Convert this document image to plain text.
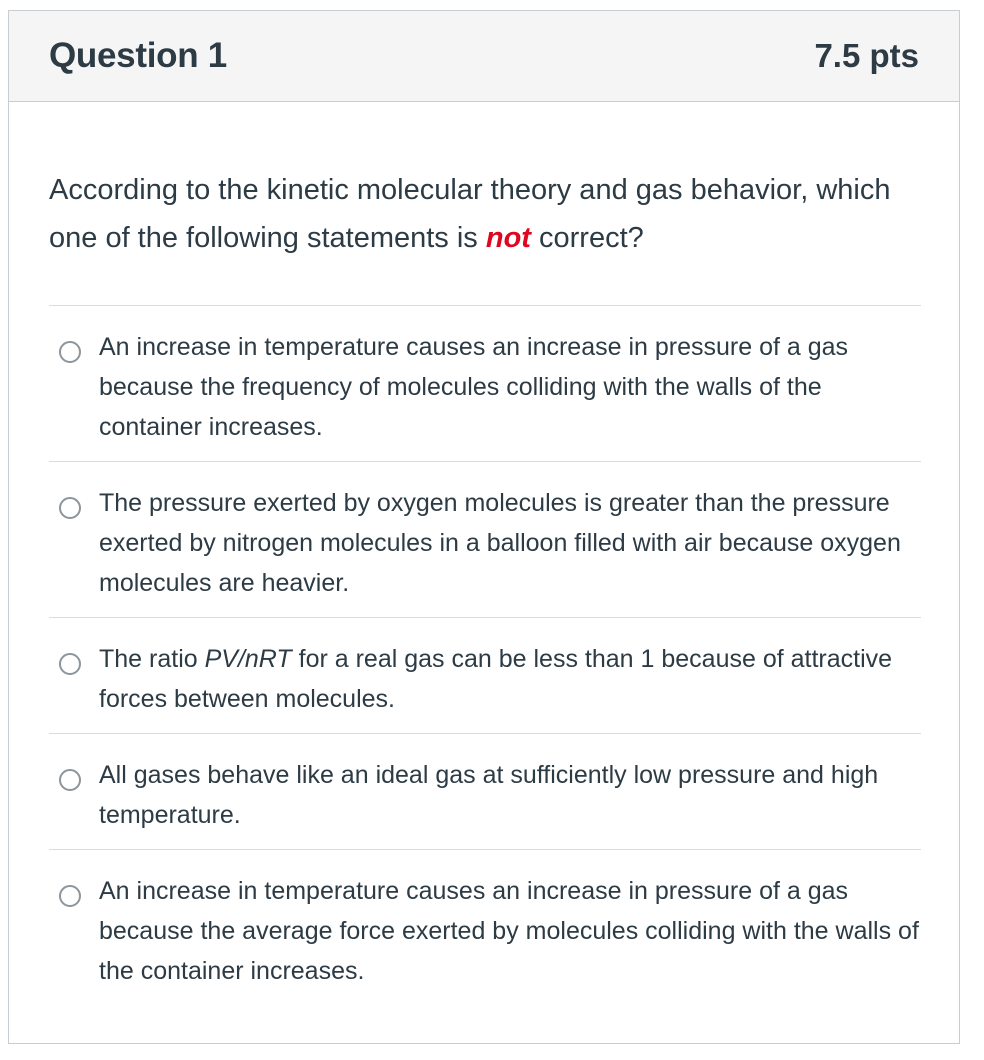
Question 1	7.5 pts
According to the kinetic molecular theory and gas behavior, which one of the following statements is not correct?
An increase in temperature causes an increase in pressure of a gas because the frequency of molecules colliding with the walls of the container increases.
The pressure exerted by oxygen molecules is greater than the pressure exerted by nitrogen molecules in a balloon filled with air because oxygen molecules are heavier.
The ratio PV/nRT for a real gas can be less than 1 because of attractive forces between molecules.
All gases behave like an ideal gas at sufficiently low pressure and high temperature.
An increase in temperature causes an increase in pressure of a gas because the average force exerted by molecules colliding with the walls of the container increases.
